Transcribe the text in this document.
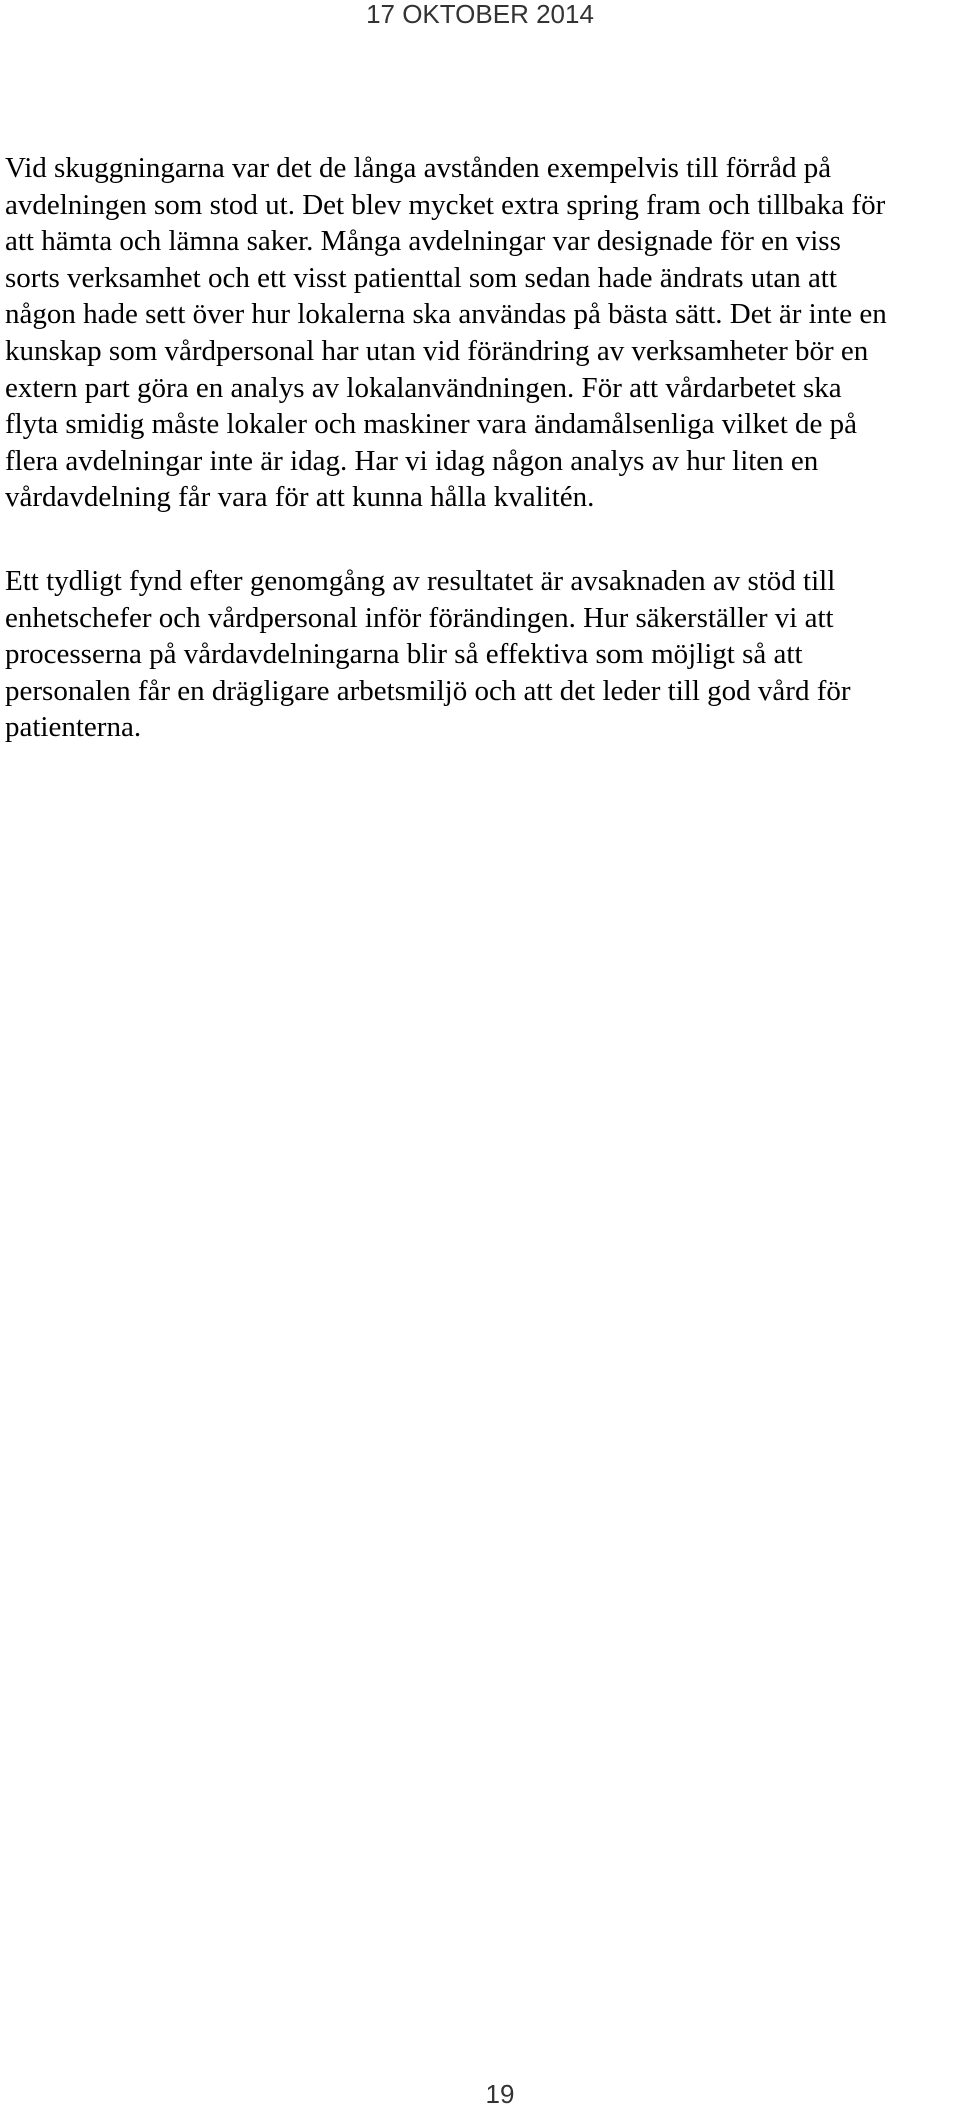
17 OKTOBER 2014

Vid skuggningarna var det de långa avstånden exempelvis till förråd på
avdelningen som stod ut. Det blev mycket extra spring fram och tillbaka för
att hämta och lämna saker. Många avdelningar var designade för en viss
sorts verksamhet och ett visst patienttal som sedan hade ändrats utan att
någon hade sett över hur lokalerna ska användas på bästa sätt. Det är inte en
kunskap som vårdpersonal har utan vid förändring av verksamheter bör en
extern part göra en analys av lokalanvändningen. För att vårdarbetet ska
flyta smidig måste lokaler och maskiner vara ändamålsenliga vilket de på
flera avdelningar inte är idag. Har vi idag någon analys av hur liten en
vårdavdelning får vara för att kunna hålla kvalitén.

Ett tydligt fynd efter genomgång av resultatet är avsaknaden av stöd till
enhetschefer och vårdpersonal inför förändingen. Hur säkerställer vi att
processerna på vårdavdelningarna blir så effektiva som möjligt så att
personalen får en drägligare arbetsmiljö och att det leder till god vård för
patienterna.

19
